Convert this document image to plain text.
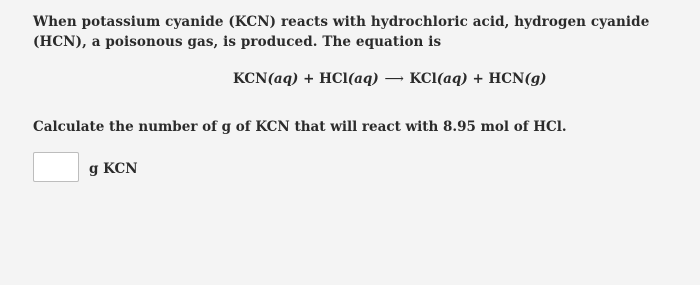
When potassium cyanide (KCN) reacts with hydrochloric acid, hydrogen cyanide (HCN), a poisonous gas, is produced. The equation is
KCN(aq) + HCl(aq) ⟶ KCl(aq) + HCN(g)
Calculate the number of g of KCN that will react with 8.95 mol of HCl.
g KCN
